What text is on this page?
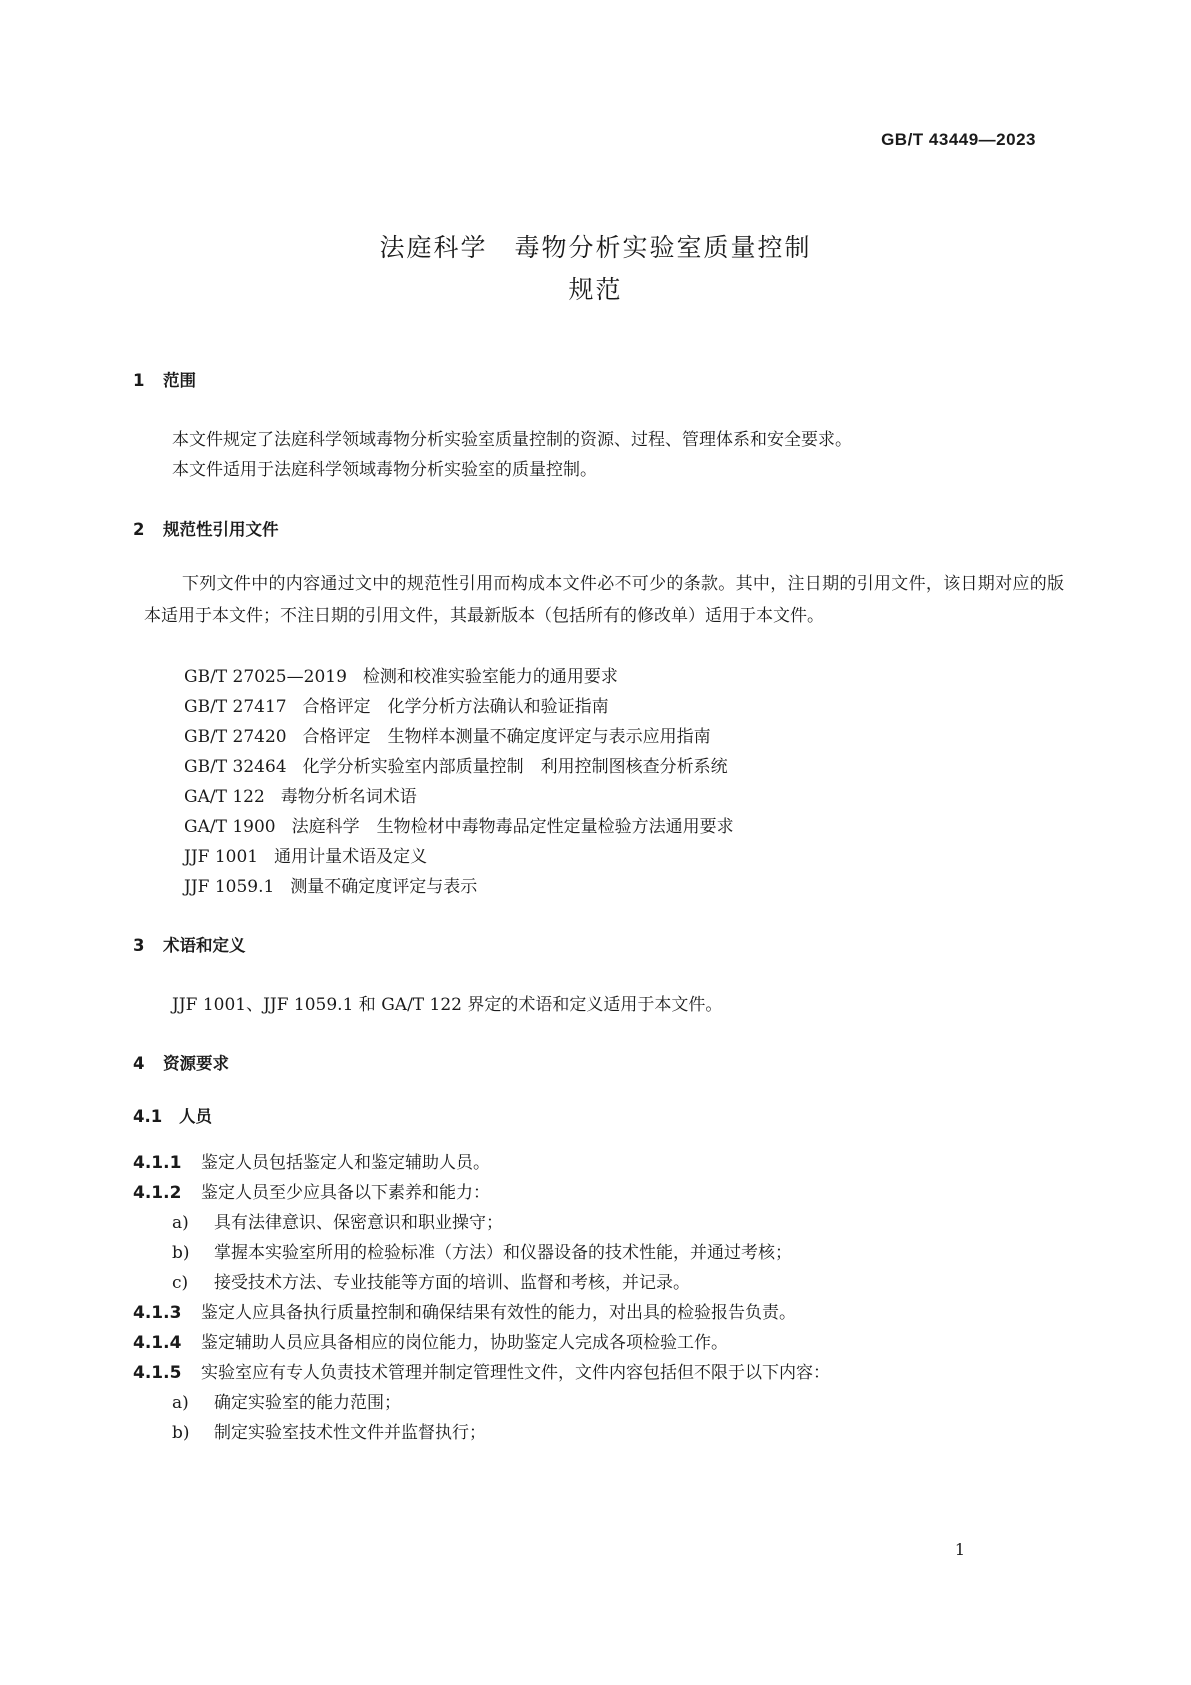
GB/T 43449—2023
法庭科学　毒物分析实验室质量控制
规范
1 范围
本文件规定了法庭科学领域毒物分析实验室质量控制的资源、过程、管理体系和安全要求。
本文件适用于法庭科学领域毒物分析实验室的质量控制。
2 规范性引用文件
下列文件中的内容通过文中的规范性引用而构成本文件必不可少的条款。其中，注日期的引用文件，该日期对应的版本适用于本文件；不注日期的引用文件，其最新版本（包括所有的修改单）适用于本文件。
GB/T 27025—2019 检测和校准实验室能力的通用要求
GB/T 27417 合格评定　化学分析方法确认和验证指南
GB/T 27420 合格评定　生物样本测量不确定度评定与表示应用指南
GB/T 32464 化学分析实验室内部质量控制　利用控制图核查分析系统
GA/T 122 毒物分析名词术语
GA/T 1900 法庭科学　生物检材中毒物毒品定性定量检验方法通用要求
JJF 1001 通用计量术语及定义
JJF 1059.1 测量不确定度评定与表示
3 术语和定义
JJF 1001、JJF 1059.1 和 GA/T 122 界定的术语和定义适用于本文件。
4 资源要求
4.1 人员
4.1.1 鉴定人员包括鉴定人和鉴定辅助人员。
4.1.2 鉴定人员至少应具备以下素养和能力：
a) 具有法律意识、保密意识和职业操守；
b) 掌握本实验室所用的检验标准（方法）和仪器设备的技术性能，并通过考核；
c) 接受技术方法、专业技能等方面的培训、监督和考核，并记录。
4.1.3 鉴定人应具备执行质量控制和确保结果有效性的能力，对出具的检验报告负责。
4.1.4 鉴定辅助人员应具备相应的岗位能力，协助鉴定人完成各项检验工作。
4.1.5 实验室应有专人负责技术管理并制定管理性文件，文件内容包括但不限于以下内容：
a) 确定实验室的能力范围；
b) 制定实验室技术性文件并监督执行；
1
